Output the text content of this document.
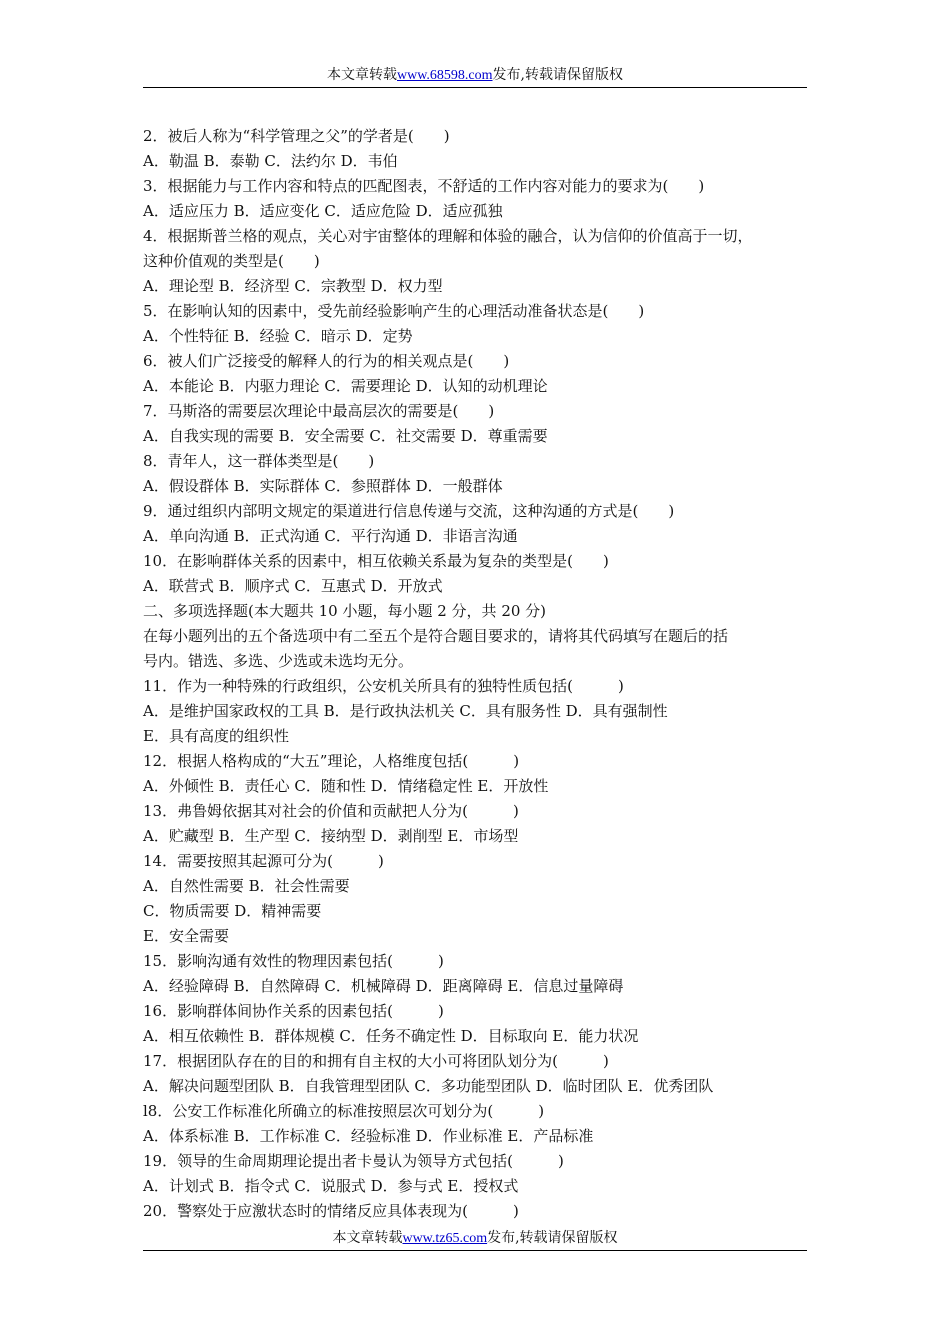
本文章转载www.68598.com发布,转载请保留版权
2．被后人称为“科学管理之父”的学者是(　　)
A．勒温 B．泰勒 C．法约尔 D．韦伯
3．根据能力与工作内容和特点的匹配图表，不舒适的工作内容对能力的要求为(　　)
A．适应压力 B．适应变化 C．适应危险 D．适应孤独
4．根据斯普兰格的观点，关心对宇宙整体的理解和体验的融合，认为信仰的价值高于一切，
这种价值观的类型是(　　)
A．理论型 B．经济型 C．宗教型 D．权力型
5．在影响认知的因素中，受先前经验影响产生的心理活动准备状态是(　　)
A．个性特征 B．经验 C．暗示 D．定势
6．被人们广泛接受的解释人的行为的相关观点是(　　)
A．本能论 B．内驱力理论 C．需要理论 D．认知的动机理论
7．马斯洛的需要层次理论中最高层次的需要是(　　)
A．自我实现的需要 B．安全需要 C．社交需要 D．尊重需要
8．青年人，这一群体类型是(　　)
A．假设群体 B．实际群体 C．参照群体 D．一般群体
9．通过组织内部明文规定的渠道进行信息传递与交流，这种沟通的方式是(　　)
A．单向沟通 B．正式沟通 C．平行沟通 D．非语言沟通
10．在影响群体关系的因素中，相互依赖关系最为复杂的类型是(　　)
A．联营式 B．顺序式 C．互惠式 D．开放式
二、多项选择题(本大题共 10 小题，每小题 2 分，共 20 分)
在每小题列出的五个备选项中有二至五个是符合题目要求的，请将其代码填写在题后的括
号内。错选、多选、少选或未选均无分。
11．作为一种特殊的行政组织，公安机关所具有的独特性质包括(　　　)
A．是维护国家政权的工具 B．是行政执法机关 C．具有服务性 D．具有强制性
E．具有高度的组织性
12．根据人格构成的“大五”理论，人格维度包括(　　　)
A．外倾性 B．责任心 C．随和性 D．情绪稳定性 E．开放性
13．弗鲁姆依据其对社会的价值和贡献把人分为(　　　)
A．贮藏型 B．生产型 C．接纳型 D．剥削型 E．市场型
14．需要按照其起源可分为(　　　)
A．自然性需要 B．社会性需要
C．物质需要 D．精神需要
E．安全需要
15．影响沟通有效性的物理因素包括(　　　)
A．经验障碍 B．自然障碍 C．机械障碍 D．距离障碍 E．信息过量障碍
16．影响群体间协作关系的因素包括(　　　)
A．相互依赖性 B．群体规模 C．任务不确定性 D．目标取向 E．能力状况
17．根据团队存在的目的和拥有自主权的大小可将团队划分为(　　　)
A．解决问题型团队 B．自我管理型团队 C．多功能型团队 D．临时团队 E．优秀团队
l8．公安工作标准化所确立的标准按照层次可划分为(　　　)
A．体系标准 B．工作标准 C．经验标准 D．作业标准 E．产品标准
19．领导的生命周期理论提出者卡曼认为领导方式包括(　　　)
A．计划式 B．指令式 C．说服式 D．参与式 E．授权式
20．警察处于应激状态时的情绪反应具体表现为(　　　)
本文章转载www.tz65.com发布,转载请保留版权
